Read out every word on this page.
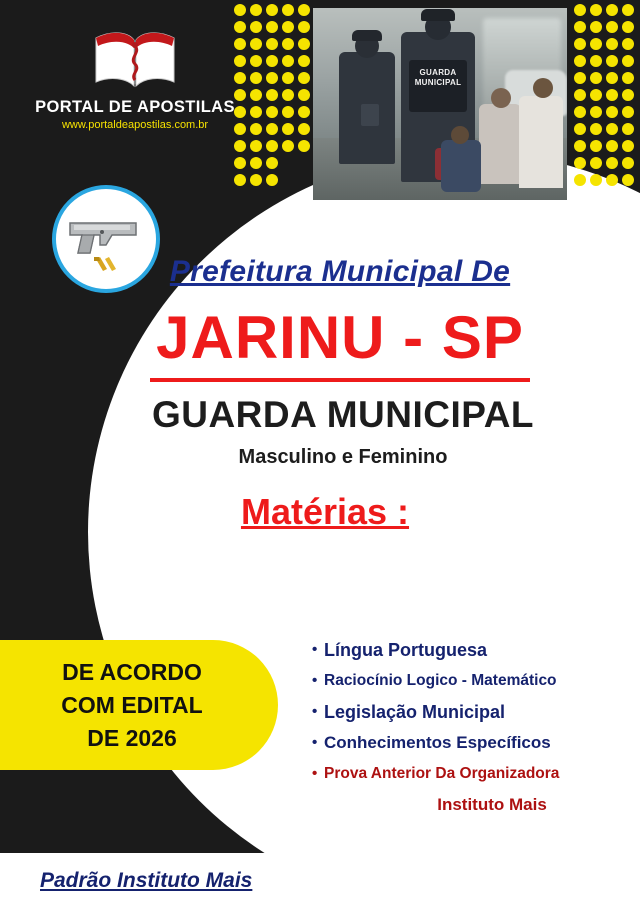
GUARDA
MUNICIPAL
PORTAL DE APOSTILAS
www.portaldeapostilas.com.br
Prefeitura Municipal De
JARINU - SP
GUARDA MUNICIPAL
Masculino e Feminino
Matérias :
• Língua Portuguesa
• Raciocínio Logico - Matemático
• Legislação Municipal
• Conhecimentos Específicos
• Prova Anterior Da Organizadora
Instituto Mais
DE ACORDO
COM EDITAL
DE 2026
Padrão Instituto Mais
